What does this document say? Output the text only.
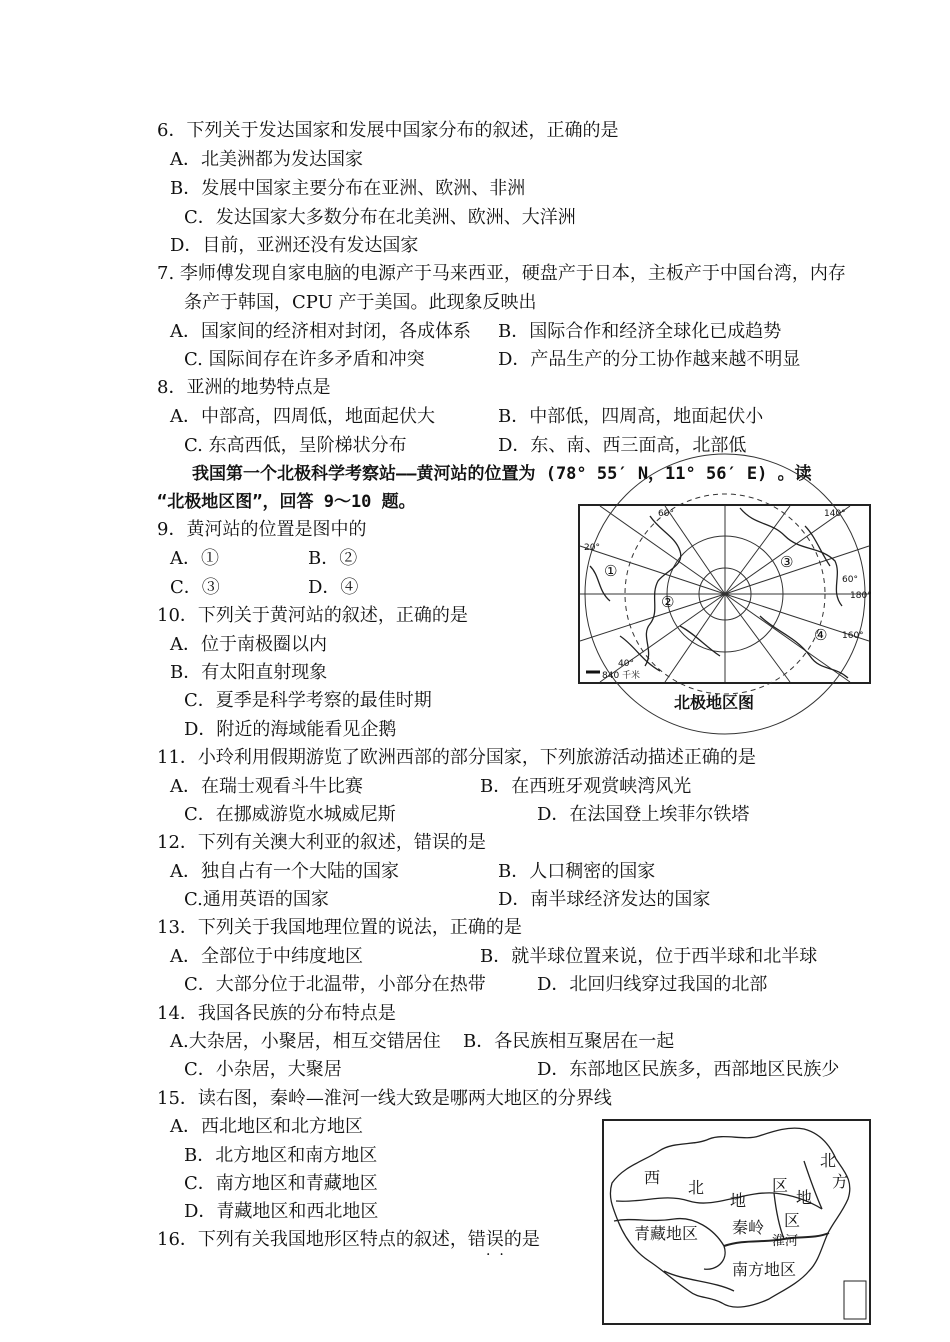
6．下列关于发达国家和发展中国家分布的叙述，正确的是
A．北美洲都为发达国家
B．发展中国家主要分布在亚洲、欧洲、非洲
C．发达国家大多数分布在北美洲、欧洲、大洋洲
D．目前，亚洲还没有发达国家
7. 李师傅发现自家电脑的电源产于马来西亚，硬盘产于日本，主板产于中国台湾，内存
条产于韩国，CPU 产于美国。此现象反映出
A．国家间的经济相对封闭，各成体系 B．国际合作和经济全球化已成趋势
C. 国际间存在许多矛盾和冲突	D．产品生产的分工协作越来越不明显
8．亚洲的地势特点是
A．中部高，四周低，地面起伏大	B．中部低，四周高，地面起伏小
C. 东高西低，呈阶梯状分布	D．东、南、西三面高，北部低
我国第一个北极科学考察站——黄河站的位置为 (78° 55′ N，11° 56′ E) 。读
“北极地区图”，回答 9～10 题。
9．黄河站的位置是图中的
A．①	B．②
C．③	D．④
10．下列关于黄河站的叙述，正确的是
A．位于南极圈以内
B．有太阳直射现象
C．夏季是科学考察的最佳时期
D．附近的海域能看见企鹅
60°	140°
20°
180°
60°
160°
40°
840 千米
①
②
③
④
北极地区图
11．小玲利用假期游览了欧洲西部的部分国家，下列旅游活动描述正确的是
A．在瑞士观看斗牛比赛	B．在西班牙观赏峡湾风光
C．在挪威游览水城威尼斯	D．在法国登上埃菲尔铁塔
12．下列有关澳大利亚的叙述，错误的是
A．独自占有一个大陆的国家	B．人口稠密的国家
C.通用英语的国家	D．南半球经济发达的国家
13．下列关于我国地理位置的说法，正确的是
A．全部位于中纬度地区	B．就半球位置来说，位于西半球和北半球
C．大部分位于北温带，小部分在热带	D．北回归线穿过我国的北部
14．我国各民族的分布特点是
A.大杂居，小聚居，相互交错居住 B．各民族相互聚居在一起
C．小杂居，大聚居	D．东部地区民族多，西部地区民族少
15．读右图，秦岭—淮河一线大致是哪两大地区的分界线
A．西北地区和北方地区
B．北方地区和南方地区
C．南方地区和青藏地区
D．青藏地区和西北地区
16．下列有关我国地形区特点的叙述，错误的是
·  ·
西
北
地
区
北
方
地
区
青藏地区 秦岭
淮河
南方地区
